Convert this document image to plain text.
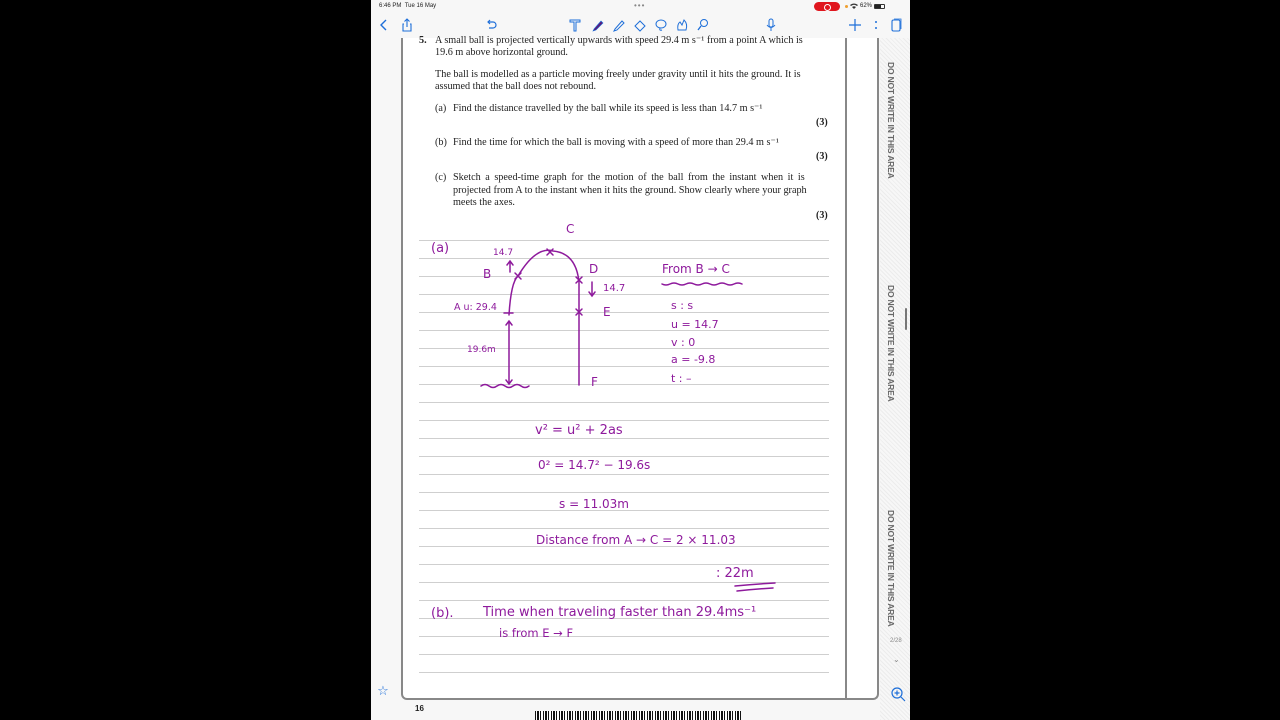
6:46 PM Tue 16 May	•••	62%
5. A small ball is projected vertically upwards with speed 29.4 m s⁻¹ from a point A which is
19.6 m above horizontal ground.
The ball is modelled as a particle moving freely under gravity until it hits the ground. It is
assumed that the ball does not rebound.
(a) Find the distance travelled by the ball while its speed is less than 14.7 m s⁻¹
(3)
(b) Find the time for which the ball is moving with a speed of more than 29.4 m s⁻¹
(3)
(c) Sketch a speed-time graph for the motion of the ball from the instant when it is
projected from A to the instant when it hits the ground. Show clearly where your graph
meets the axes.
(3)
(a)
C
14.7
B	D
14.7
A u: 29.4	E
19.6m
F
From B → C
s : s
u = 14.7
v : 0
a = -9.8
t : –
v² = u² + 2as
0² = 14.7² − 19.6s
s = 11.03m
Distance from A → C = 2 × 11.03
: 22m
(b). Time when traveling faster than 29.4ms⁻¹
is from E → F
DO NOT WRITE IN THIS AREA
DO NOT WRITE IN THIS AREA
DO NOT WRITE IN THIS AREA
2/28
⌄
☆
16
